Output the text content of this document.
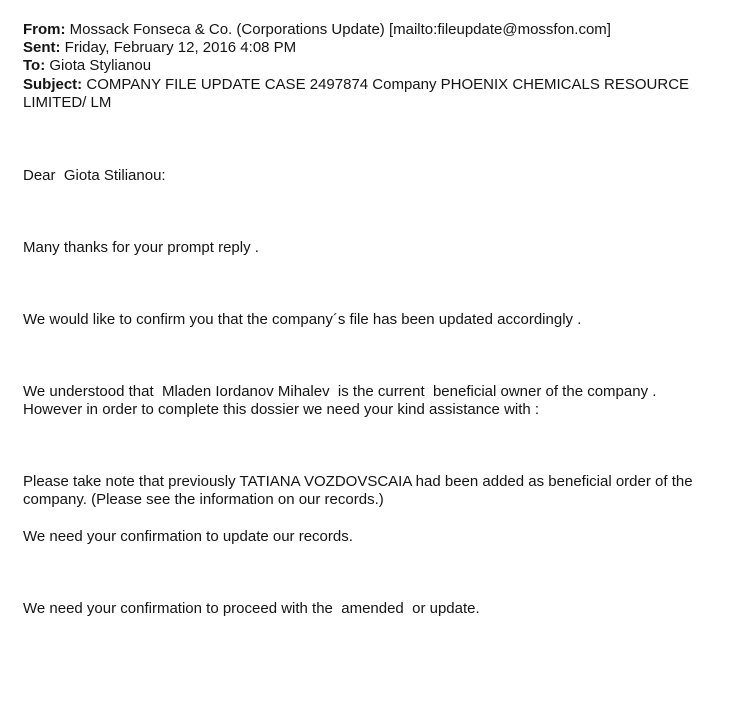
From: Mossack Fonseca & Co. (Corporations Update) [mailto:fileupdate@mossfon.com]
Sent: Friday, February 12, 2016 4:08 PM
To: Giota Stylianou
Subject: COMPANY FILE UPDATE CASE 2497874 Company PHOENIX CHEMICALS RESOURCE LIMITED/ LM
Dear  Giota Stilianou:
Many thanks for your prompt reply .
We would like to confirm you that the company´s file has been updated accordingly .
We understood that  Mladen Iordanov Mihalev  is the current  beneficial owner of the company .
However in order to complete this dossier we need your kind assistance with :
Please take note that previously TATIANA VOZDOVSCAIA had been added as beneficial order of the company. (Please see the information on our records.)
We need your confirmation to update our records.
We need your confirmation to proceed with the  amended  or update.
